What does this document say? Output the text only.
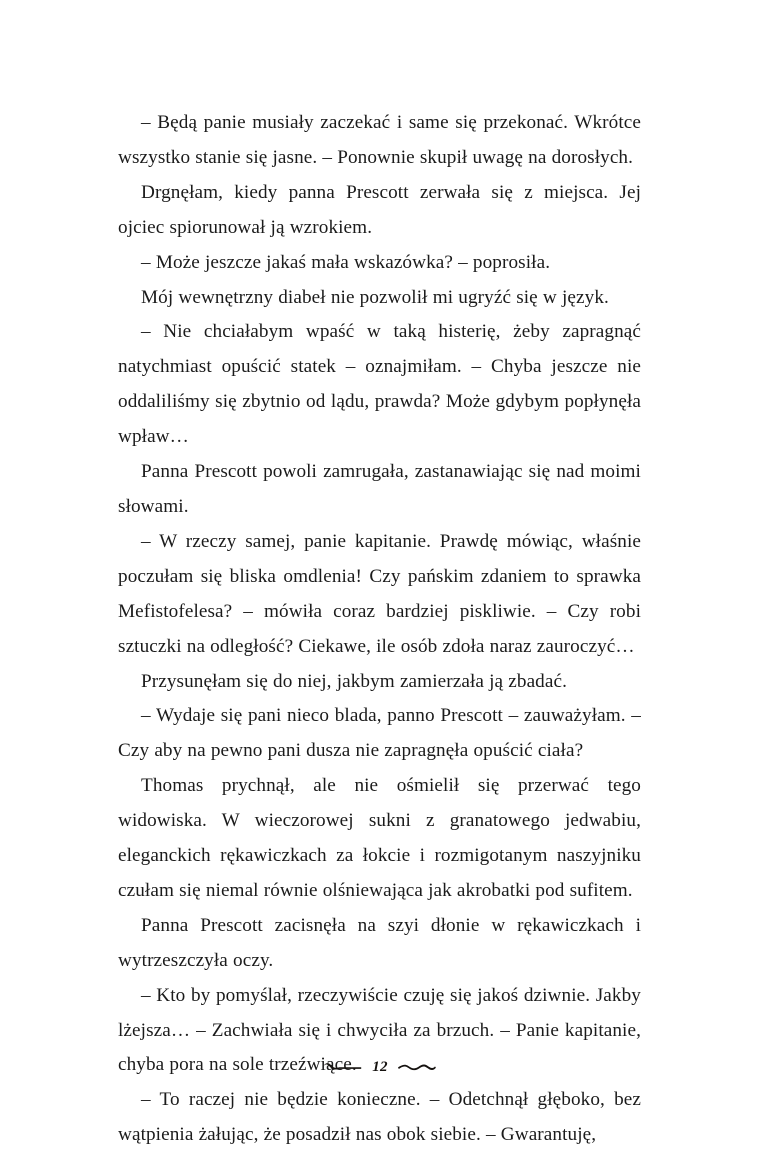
– Będą panie musiały zaczekać i same się przekonać. Wkrótce wszystko stanie się jasne. – Ponownie skupił uwagę na dorosłych.

Drgnęłam, kiedy panna Prescott zerwała się z miejsca. Jej ojciec spiorunował ją wzrokiem.

– Może jeszcze jakaś mała wskazówka? – poprosiła.

Mój wewnętrzny diabeł nie pozwolił mi ugryźć się w język.

– Nie chciałabym wpaść w taką histerię, żeby zapragnąć natychmiast opuścić statek – oznajmiłam. – Chyba jeszcze nie oddaliliśmy się zbytnio od lądu, prawda? Może gdybym popłynęła wpław…

Panna Prescott powoli zamrugała, zastanawiając się nad moimi słowami.

– W rzeczy samej, panie kapitanie. Prawdę mówiąc, właśnie poczułam się bliska omdlenia! Czy pańskim zdaniem to sprawka Mefistofelesa? – mówiła coraz bardziej piskliwie. – Czy robi sztuczki na odległość? Ciekawe, ile osób zdoła naraz zauroczyć…

Przysunęłam się do niej, jakbym zamierzała ją zbadać.

– Wydaje się pani nieco blada, panno Prescott – zauważyłam. – Czy aby na pewno pani dusza nie zapragnęła opuścić ciała?

Thomas prychnął, ale nie ośmielił się przerwać tego widowiska. W wieczorowej sukni z granatowego jedwabiu, eleganckich rękawiczkach za łokcie i rozmigotanym naszyjniku czułam się niemal równie olśniewająca jak akrobatki pod sufitem.

Panna Prescott zacisnęła na szyi dłonie w rękawiczkach i wytrzeszczyła oczy.

– Kto by pomyślał, rzeczywiście czuję się jakoś dziwnie. Jakby lżejsza… – Zachwiała się i chwyciła za brzuch. – Panie kapitanie, chyba pora na sole trzeźwiące.

– To raczej nie będzie konieczne. – Odetchnął głęboko, bez wątpienia żałując, że posadził nas obok siebie. – Gwarantuję,

12
